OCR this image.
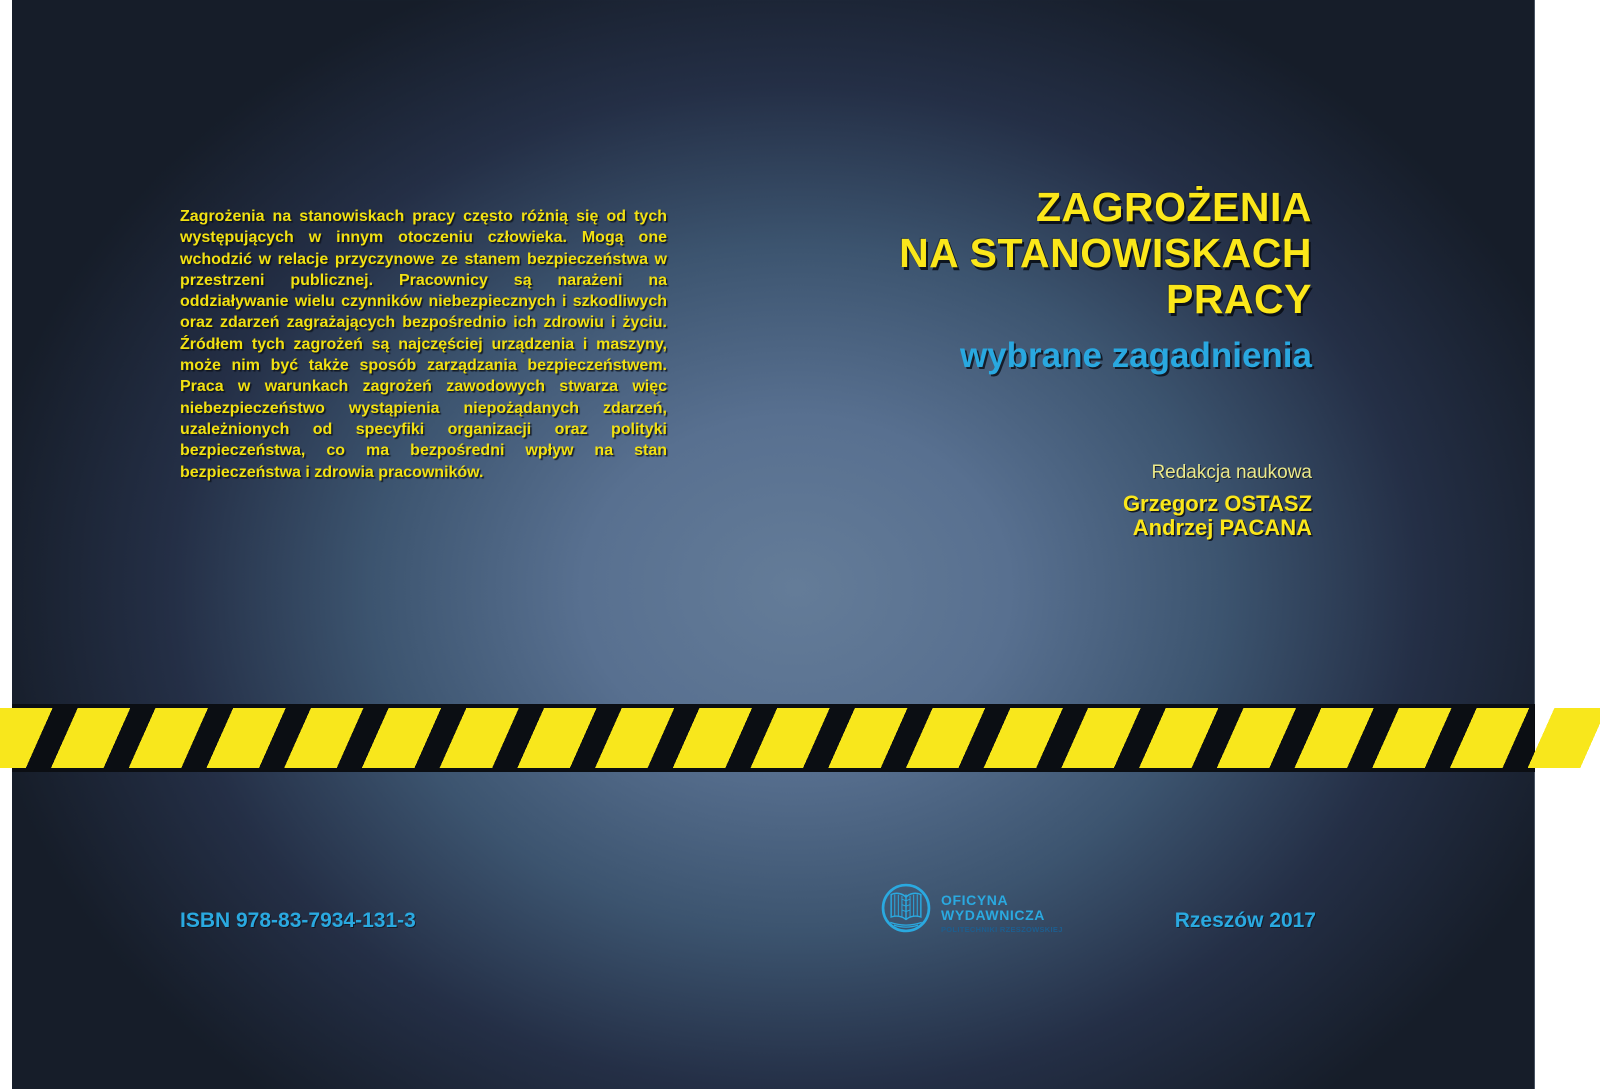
Zagrożenia na stanowiskach pracy często różnią się od tych występujących w innym otoczeniu człowieka. Mogą one wchodzić w relacje przyczynowe ze stanem bezpieczeństwa w przestrzeni publicznej. Pracownicy są narażeni na oddziaływanie wielu czynników niebezpiecznych i szkodliwych oraz zdarzeń zagrażających bezpośrednio ich zdrowiu i życiu. Źródłem tych zagrożeń są najczęściej urządzenia i maszyny, może nim być także sposób zarządzania bezpieczeństwem. Praca w warunkach zagrożeń zawodowych stwarza więc niebezpieczeństwo wystąpienia niepożądanych zdarzeń, uzależnionych od specyfiki organizacji oraz polityki bezpieczeństwa, co ma bezpośredni wpływ na stan bezpieczeństwa i zdrowia pracowników.

ZAGROŻENIA
NA STANOWISKACH
PRACY
wybrane zagadnienia
Redakcja naukowa
Grzegorz OSTASZ
Andrzej PACANA
ISBN 978-83-7934-131-3	Rzeszów 2017
OFICYNA
WYDAWNICZA
POLITECHNIKI RZESZOWSKIEJ
